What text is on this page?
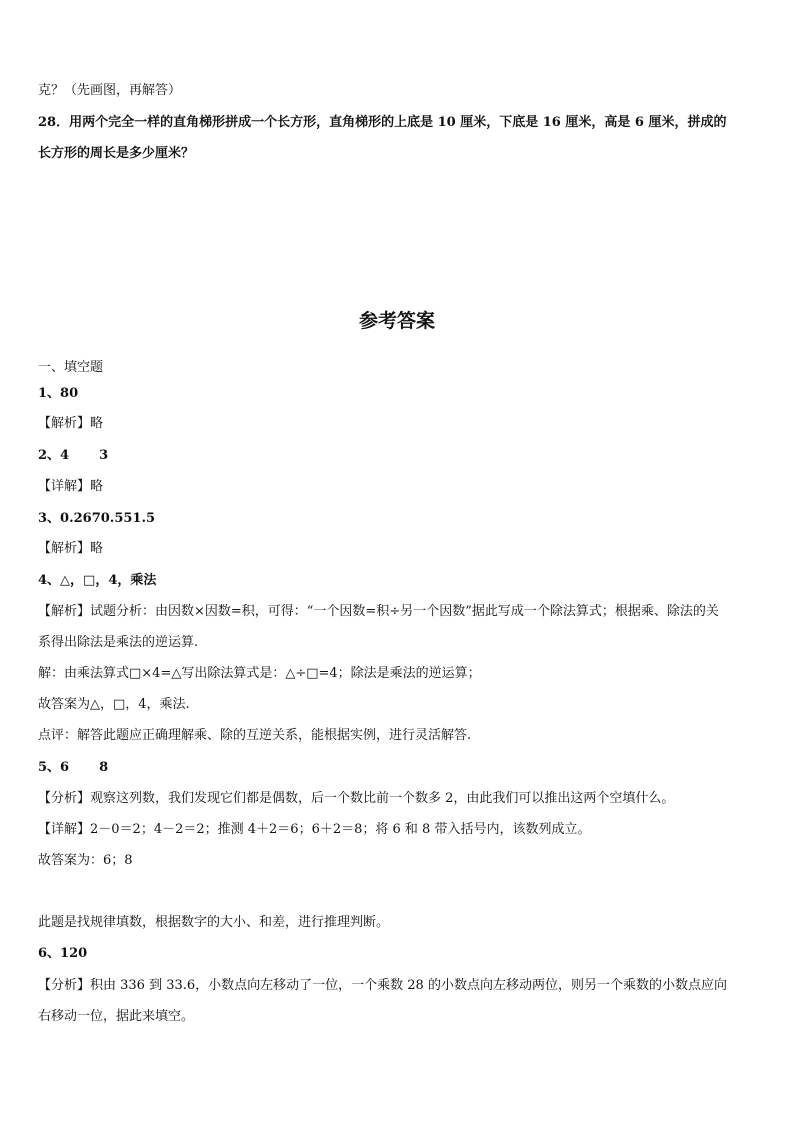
克？（先画图，再解答）

28．用两个完全一样的直角梯形拼成一个长方形，直角梯形的上底是 10 厘米，下底是 16 厘米，高是 6 厘米，拼成的

长方形的周长是多少厘米？

参考答案

一、填空题

1、80

【解析】略

2、4 3

【详解】略

3、0.2670.551.5

【解析】略

4、△，□，4，乘法

【解析】试题分析：由因数×因数=积，可得：“一个因数=积÷另一个因数”据此写成一个除法算式；根据乘、除法的关

系得出除法是乘法的逆运算.

解：由乘法算式□×4=△写出除法算式是：△÷□=4；除法是乘法的逆运算；

故答案为△，□，4，乘法.

点评：解答此题应正确理解乘、除的互逆关系，能根据实例，进行灵活解答.

5、6 8

【分析】观察这列数，我们发现它们都是偶数，后一个数比前一个数多 2，由此我们可以推出这两个空填什么。

【详解】2－0＝2；4－2＝2；推测 4＋2＝6；6＋2＝8；将 6 和 8 带入括号内，该数列成立。

故答案为：6；8

此题是找规律填数，根据数字的大小、和差，进行推理判断。

6、120

【分析】积由 336 到 33.6，小数点向左移动了一位，一个乘数 28 的小数点向左移动两位，则另一个乘数的小数点应向

右移动一位，据此来填空。
